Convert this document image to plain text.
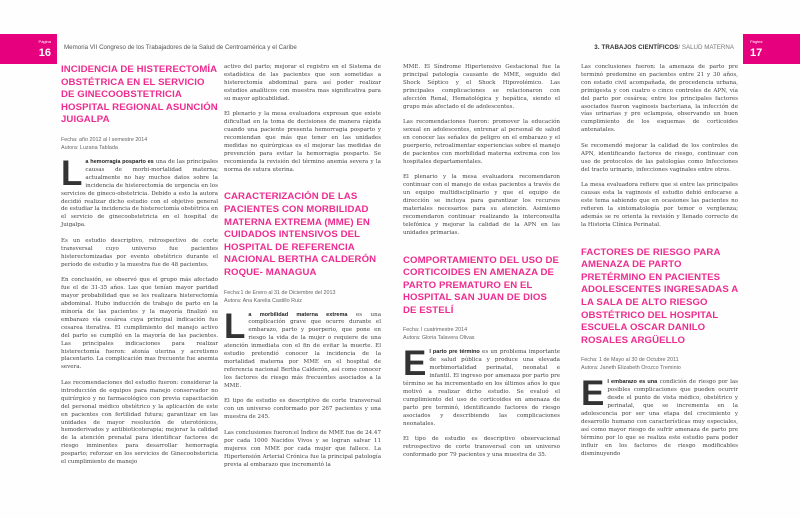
Página
16 Memoria VII Congreso de los Trabajadores de la Salud de Centroamérica y el Caribe	3. TRABAJOS CIENTÍFICOS/ SALUD MATERNA
Página
17
INCIDENCIA DE HISTERECTOMÍA OBSTÉTRICA EN EL SERVICIO DE GINECOOBSTETRICIA HOSPITAL REGIONAL ASUNCIÓN JUIGALPA
Fecha: año 2012 al I semestre 2014
Autora: Luzana Tablada

La hemorragia posparto es una de las principales causas de morbi-mortalidad materna; actualmente no hay muchos datos sobre la incidencia de histerectomía de urgencia en los servicios de gineco-obstetricia. Debido a esto la autora decidió realizar dicho estudio con el objetivo general de estudiar la incidencia de histerectomía obstétrica en el servicio de ginecoobstetricia en el hospital de Juigalpa.

Es un estudio descriptivo, retrospectivo de corte transversal cuyo universo fue pacientes histerectomizadas por evento obstétrico durante el período de estudio y la muestra fue de 48 pacientes.

En conclusión, se observó que el grupo más afectado fue el de 31-35 años. Las que tenían mayor paridad mayor probabilidad que se les realizara histerectomía abdominal. Hubo inducción de trabajo de parto en la minoría de las pacientes y la mayoría finalizó su embarazo vía cesárea cuya principal indicación fue cesarea iterativa. El cumplimiento del manejo activo del parto se cumplió en la mayoría de las pacientes. Las principales indicaciones para realizar histerectomía fueron: atonía uterina y acretismo placentario. La complicación mas frecuente fue anemia severa.

Las recomendaciones del estudio fueron: considerar la introducción de equipos para manejo conservador no quirúrgico y no farmacológico con previa capacitación del personal médico obstétrico y la aplicación de este en pacientes con fertilidad futura; garantizar en las unidades de mayor resolución de uterotónicos, hemoderivados y antibioticoterapia; mejorar la calidad de la atención prenatal para identificar factores de riesgo inminentes para desarrollar hemorragia posparto; reforzar en los servicios de Ginecoobstericia el cumplimiento de manejo

activo del parto; mejorar el registro en el Sistema de estadística de las pacientes que son sometidas a histerectomía abdominal para así poder realizar estudios analíticos con muestra mas significativa para su mayor aplicabilidad.

El plenario y la mesa evaluadora expresan que existe dificultad en la toma de decisiones de manera rápida cuando una paciente presenta hemorragia posparto y recomiendan que más que tener en las unidades medidas no quirúrgicas es el mejorar las medidas de prevención para evitar la hemorragia posparto. Se recomienda la revisión del término anemia severa y la norma de sutura uterina.

CARACTERIZACIÓN DE LAS PACIENTES CON MORBILIDAD MATERNA EXTREMA (MME) EN CUIDADOS INTENSIVOS DEL HOSPITAL DE REFERENCIA NACIONAL BERTHA CALDERÓN ROQUE- MANAGUA
Fecha:1 de Enero al 31 de Diciembre del 2013
Autora: Ana Karelia Castillo Ruiz

La morbilidad materna extrema es una complicación grave que ocurre durante el embarazo, parto y puerperio, que pone en riesgo la vida de la mujer o requiere de una atención inmediata con el fin de evitar la muerte. El estudio pretendió conocer la incidencia de la mortalidad materna por MME en el hospital de referencia nacional Bertha Calderón, así como conocer los factores de riesgo más frecuentes asociados a la MME.

El tipo de estudio es descriptivo de corte transversal con un universo conformado por 267 pacientes y una muestra de 245.

Las conclusiones fueron:el Índice de MME fue de 24.47 por cada 1000 Nacidos Vivos y se logran salvar 11 mujeres con MME por cada mujer que fallece. La Hipertensión Arterial Crónica fue la principal patología previa al embarazo que incrementó la

MME. El Síndrome Hipertensivo Gestacional fue la principal patología causante de MME, seguido del Shock Séptico y el Shock Hipovolémico. Las principales complicaciones se relacionaron con afección Renal, Hematológica y hepática, siendo el grupo más afectado el de adolescentes.

Las recomendaciones fueron: promover la educación sexual en adolescentes, entrenar al personal de salud en conocer las señales de peligro en el embarazo y el puerperio, retroalimentar experiencias sobre el manejo de pacientes con morbilidad materna extrema con los hospitales departamentales.

El plenario y la mesa evaluadora recomendaron continuar con el manejo de estas pacientes a través de un equipo multidisciplinario y que el equipo de dirección se incluya para garantizar los recursos materiales necesarios para su atención. Asimismo recomendaron continuar realizando la interconsulta telefónica y mejorar la calidad de la APN en las unidades primarias.

COMPORTAMIENTO DEL USO DE CORTICOIDES EN AMENAZA DE PARTO PREMATURO EN EL HOSPITAL SAN JUAN DE DIOS DE ESTELÍ
Fecha: I cuatrimestre 2014
Autora: Gloria Talavera Olivas

El parto pre término es un problema importante de salud pública y produce una elevada morbimortalidad perinatal, neonatal e infantil. El ingreso por amenaza por parto pre término se ha incrementado en los últimos años lo que motivó a realizar dicho estudio. Se evaluó el cumplimiento del uso de corticoides en amenaza de parto pre terminó, identificando factores de riesgo asociados y describiendo las complicaciones neonatales.

El tipo de estudio es descriptivo observacional retrospectivo de corte transversal con un universo conformado por 79 pacientes y una muestra de 35.

Las conclusiones fueron: la amenaza de parto pre terminó predomino en pacientes entre 21 y 30 años, con estado civil acompañada, de procedencia urbana, primigesta y con cuatro o cinco controles de APN, vía del parto por cesárea; entre los principales factores asociados fueron vaginosis bacteriana, la infección de vías urinarias y pre eclampsia, observando un buen cumplimiento de los esquemas de corticoides antenatales.

Se recomendó mejorar la calidad de los controles de APN, identificando factores de riesgo, continuar con uso de protocolos de las patologías como Infecciones del tracto urinario, infecciones vaginales entre otros.

La mesa evaluadora refiere que si entre las principales causas esta la vaginosis el estudio debió enfocarse a este tema sabiendo que en ocasiones las pacientes no refieren la sintomatología por temor o vergüenza; además se re orienta la revisión y llenado correcto de la Historia Clínica Perinatal.

FACTORES DE RIESGO PARA AMENAZA DE PARTO PRETÉRMINO EN PACIENTES ADOLESCENTES INGRESADAS A LA SALA DE ALTO RIESGO OBSTÉTRICO DEL HOSPITAL ESCUELA OSCAR DANILO ROSALES ARGÜELLO
Fecha: 1 de Mayo al 30 de Octubre 2011
Autora: Janeth Elizabeth Orozco Treminio

El embarazo es una condición de riesgo por las posibles complicaciones que pueden ocurrir desde el punto de vista médico, obstétrico y perinatal, que se incrementa en la adolescencia por ser una etapa del crecimiento y desarrollo humano con características muy especiales, así como mayor riesgo de sufrir amenaza de parto pre término por lo que se realiza este estudio para poder influir en los factores de riesgo modificables disminuyendo
